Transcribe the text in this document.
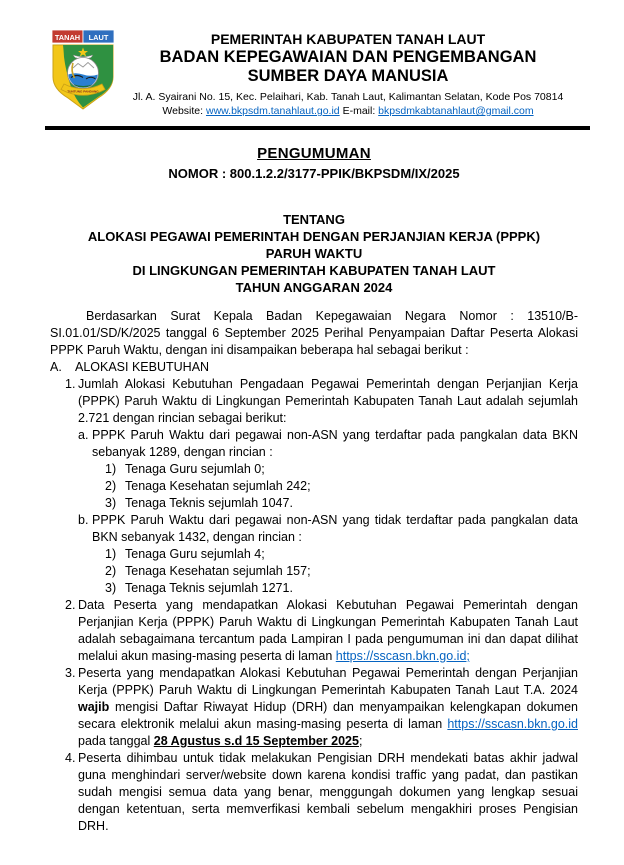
TANAH LAUT
TUNTUNG PANDANG
PEMERINTAH KABUPATEN TANAH LAUT
BADAN KEPEGAWAIAN DAN PENGEMBANGAN
SUMBER DAYA MANUSIA
Jl. A. Syairani No. 15, Kec. Pelaihari, Kab. Tanah Laut, Kalimantan Selatan, Kode Pos 70814
Website: www.bkpsdm.tanahlaut.go.id E-mail: bkpsdmkabtanahlaut@gmail.com
PENGUMUMAN
NOMOR : 800.1.2.2/3177-PPIK/BKPSDM/IX/2025
TENTANG
ALOKASI PEGAWAI PEMERINTAH DENGAN PERJANJIAN KERJA (PPPK)
PARUH WAKTU
DI LINGKUNGAN PEMERINTAH KABUPATEN TANAH LAUT
TAHUN ANGGARAN 2024

Berdasarkan Surat Kepala Badan Kepegawaian Negara Nomor : 13510/B-SI.01.01/SD/K/2025 tanggal 6 September 2025 Perihal Penyampaian Daftar Peserta Alokasi PPPK Paruh Waktu, dengan ini disampaikan beberapa hal sebagai berikut :

A.	ALOKASI KEBUTUHAN
1. Jumlah Alokasi Kebutuhan Pengadaan Pegawai Pemerintah dengan Perjanjian Kerja (PPPK) Paruh Waktu di Lingkungan Pemerintah Kabupaten Tanah Laut adalah sejumlah 2.721 dengan rincian sebagai berikut:
a. PPPK Paruh Waktu dari pegawai non-ASN yang terdaftar pada pangkalan data BKN sebanyak 1289, dengan rincian :
1) Tenaga Guru sejumlah 0;
2) Tenaga Kesehatan sejumlah 242;
3) Tenaga Teknis sejumlah 1047.
b. PPPK Paruh Waktu dari pegawai non-ASN yang tidak terdaftar pada pangkalan data BKN sebanyak 1432, dengan rincian :
1) Tenaga Guru sejumlah 4;
2) Tenaga Kesehatan sejumlah 157;
3) Tenaga Teknis sejumlah 1271.
2. Data Peserta yang mendapatkan Alokasi Kebutuhan Pegawai Pemerintah dengan Perjanjian Kerja (PPPK) Paruh Waktu di Lingkungan Pemerintah Kabupaten Tanah Laut adalah sebagaimana tercantum pada Lampiran I pada pengumuman ini dan dapat dilihat melalui akun masing-masing peserta di laman https://sscasn.bkn.go.id;
3. Peserta yang mendapatkan Alokasi Kebutuhan Pegawai Pemerintah dengan Perjanjian Kerja (PPPK) Paruh Waktu di Lingkungan Pemerintah Kabupaten Tanah Laut T.A. 2024 wajib mengisi Daftar Riwayat Hidup (DRH) dan menyampaikan kelengkapan dokumen secara elektronik melalui akun masing-masing peserta di laman https://sscasn.bkn.go.id pada tanggal 28 Agustus s.d 15 September 2025;
4. Peserta dihimbau untuk tidak melakukan Pengisian DRH mendekati batas akhir jadwal guna menghindari server/website down karena kondisi traffic yang padat, dan pastikan sudah mengisi semua data yang benar, menggungah dokumen yang lengkap sesuai dengan ketentuan, serta memverfikasi kembali sebelum mengakhiri proses Pengisian DRH.
